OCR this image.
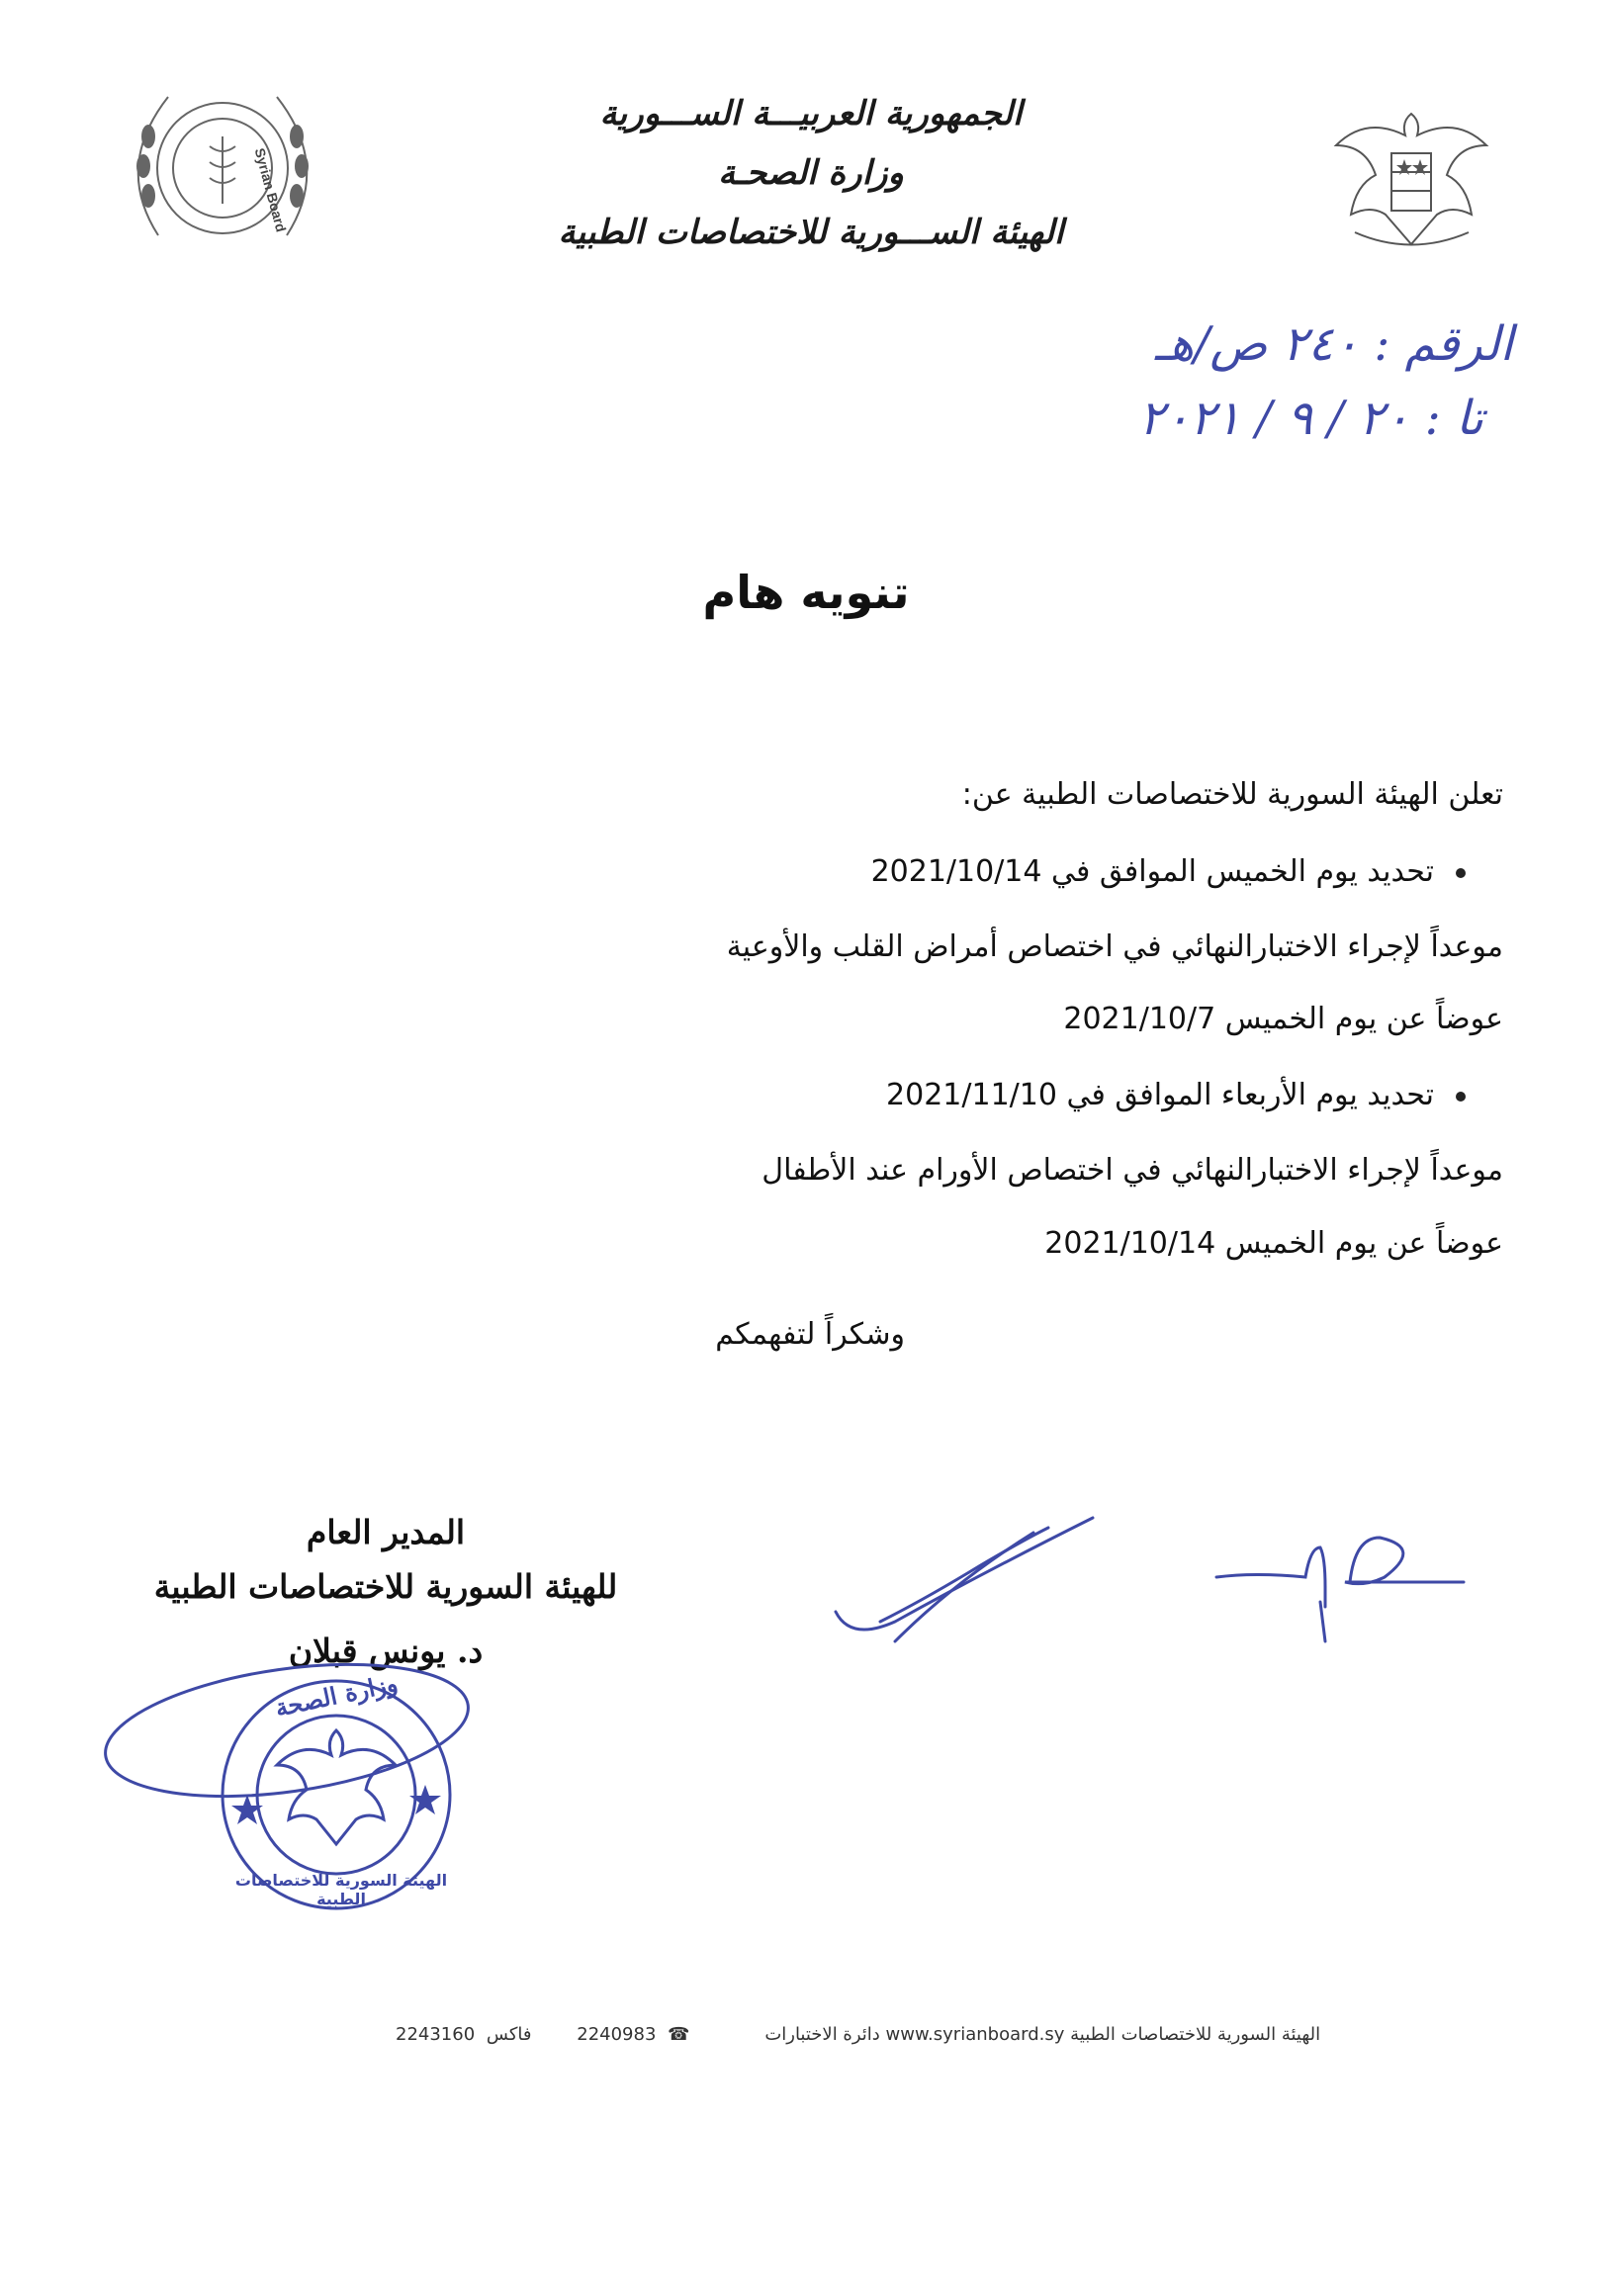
الجمهورية العربيـــة الســـورية
وزارة الصحـة
الهيئة الســـورية للاختصاصات الطبية
Syrian Board
الرقم : ٢٤٠ ص/هـ
تا : ٢٠ / ٩ / ٢٠٢١
تنويه هام
تعلن الهيئة السورية للاختصاصات الطبية عن:
تحديد يوم الخميس الموافق في 2021/10/14
موعداً لإجراء الاختبارالنهائي في اختصاص أمراض القلب والأوعية
عوضاً عن يوم الخميس 2021/10/7
تحديد يوم الأربعاء الموافق في 2021/11/10
موعداً لإجراء الاختبارالنهائي في اختصاص الأورام عند الأطفال
عوضاً عن يوم الخميس 2021/10/14
وشكراً لتفهمكم
المدير العام
للهيئة السورية للاختصاصات الطبية
د. يونس قبلان
وزارة الصحة
الهيئة السورية للاختصاصات الطبية
الهيئة السورية للاختصاصات الطبية www.syrianboard.sy دائرة الاختبارات ☎ 2240983 فاكس 2243160
